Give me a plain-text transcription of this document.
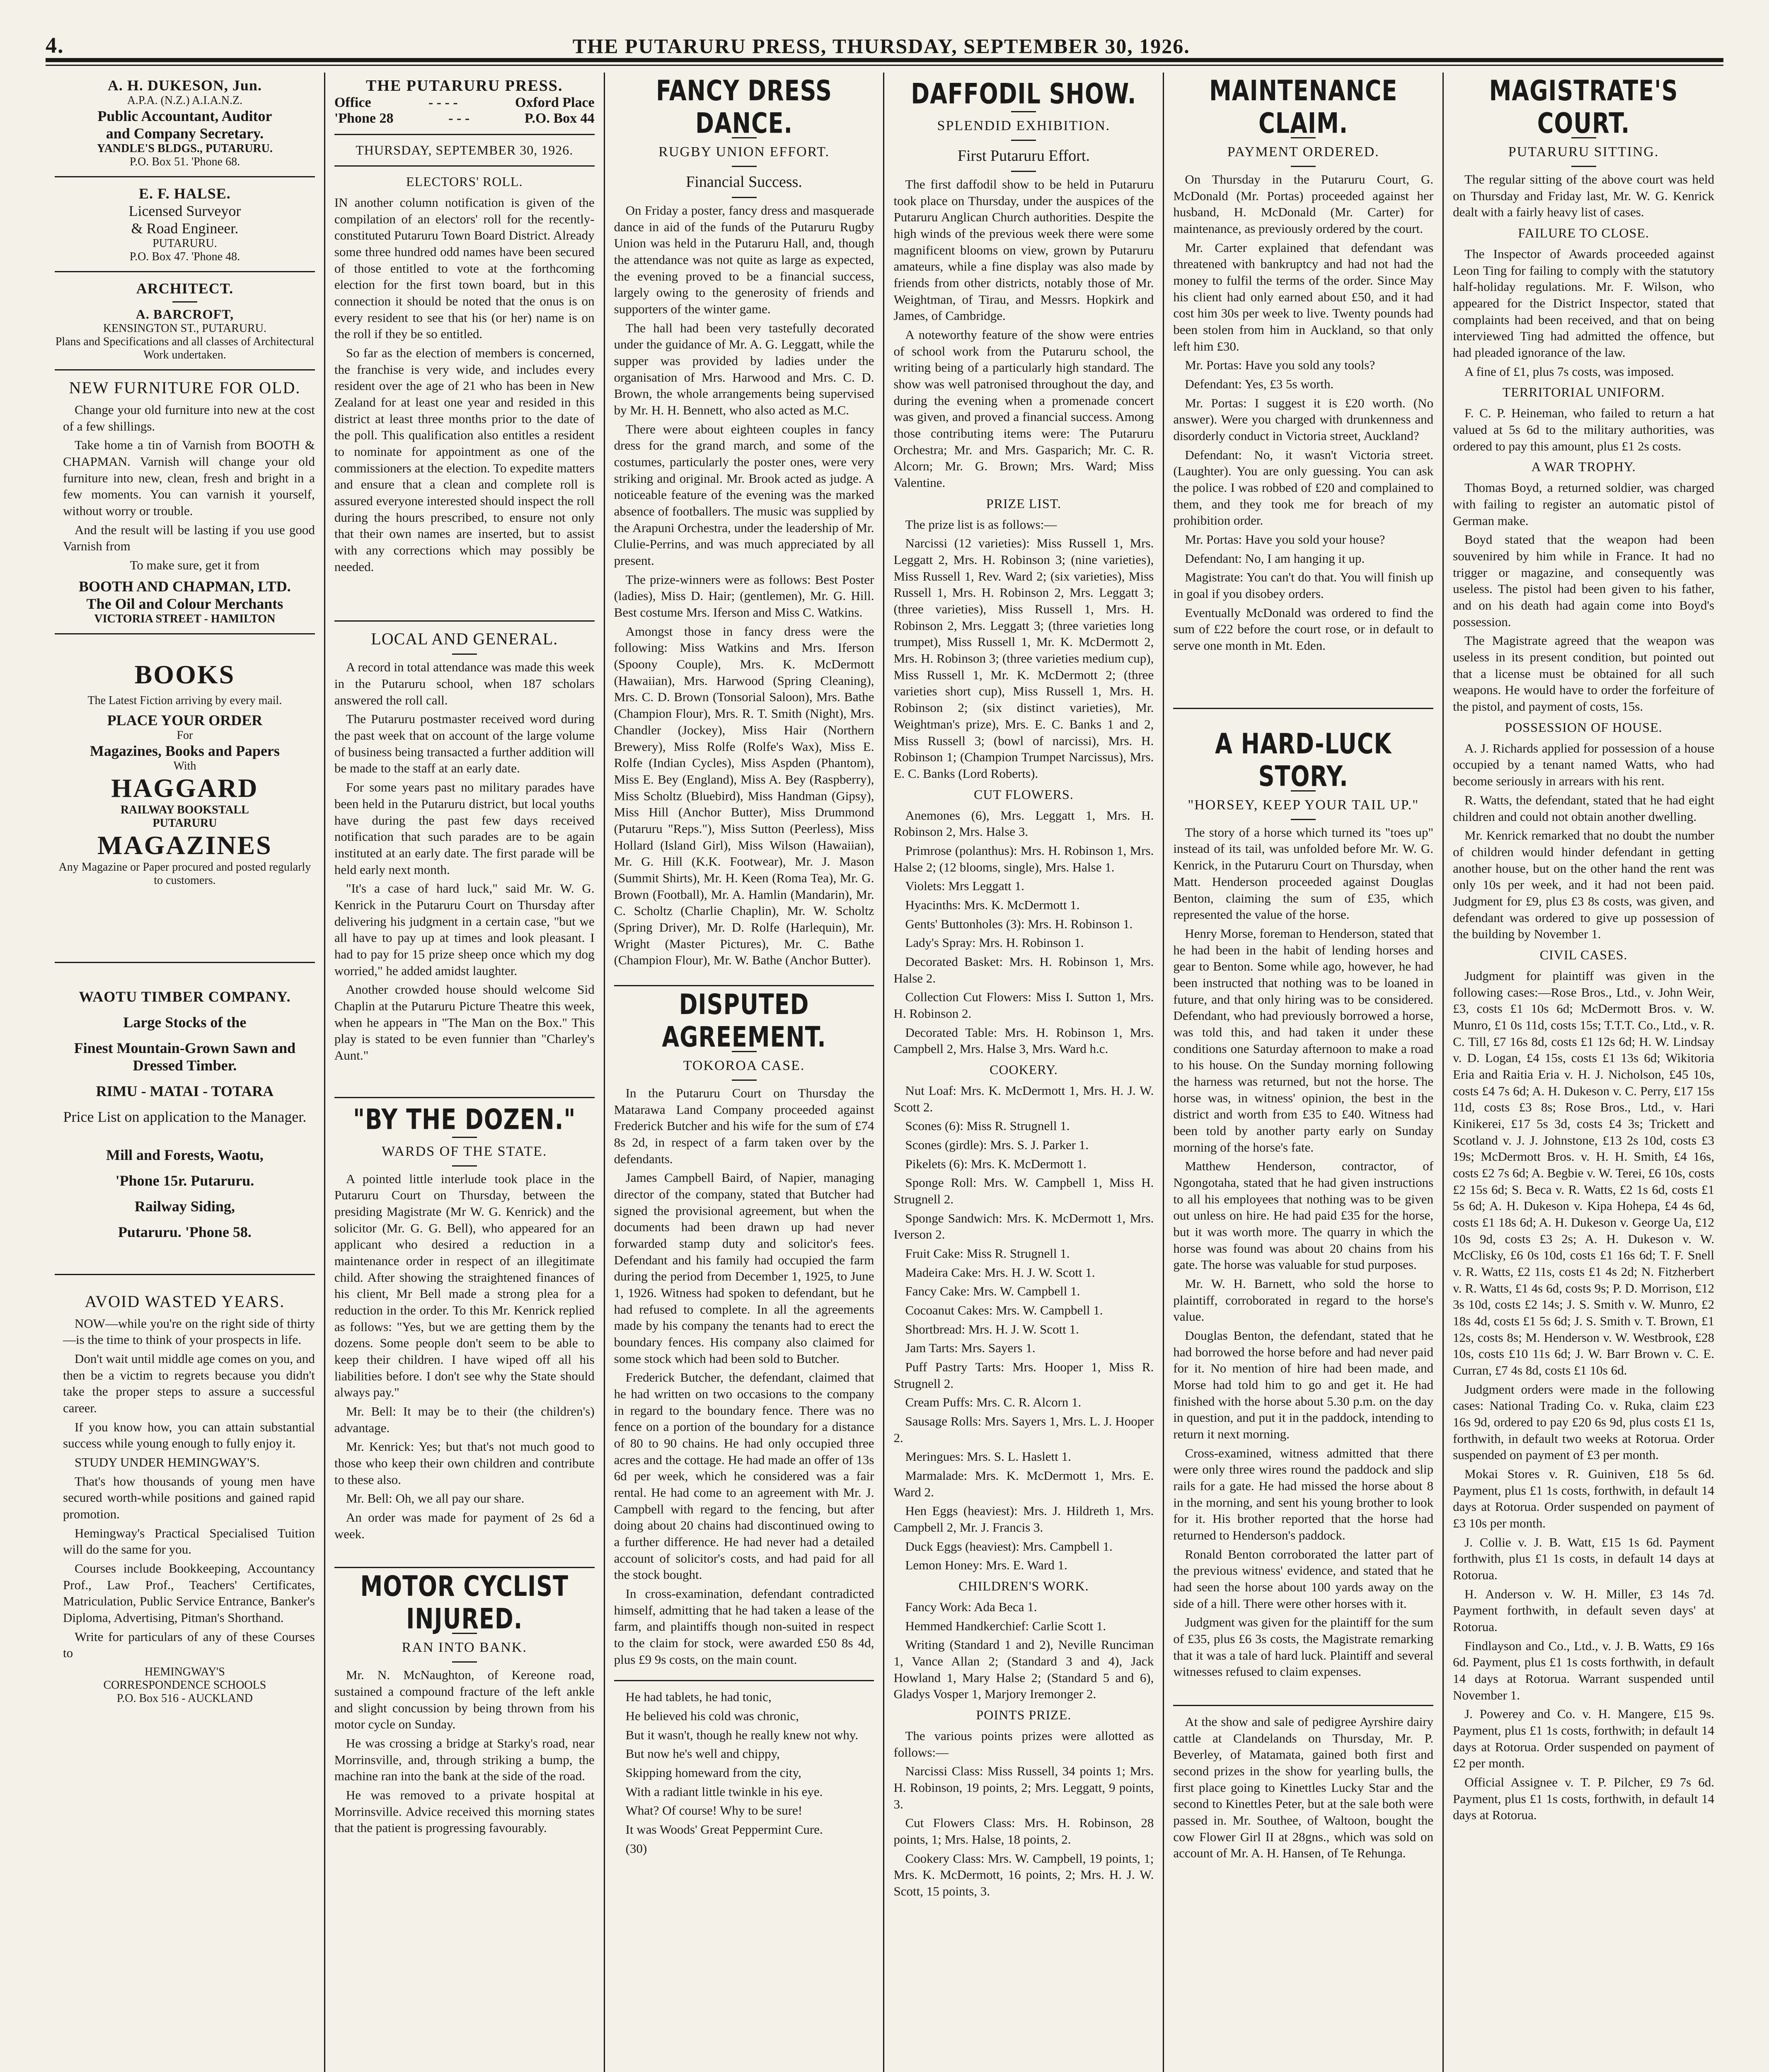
4.	THE PUTARURU PRESS, THURSDAY, SEPTEMBER 30, 1926.
A. H. DUKESON, Jun.
A.P.A. (N.Z.) A.I.A.N.Z.
Public Accountant, Auditor
and Company Secretary.
YANDLE'S BLDGS., PUTARURU.
P.O. Box 51. 'Phone 68.
E. F. HALSE.
Licensed Surveyor
& Road Engineer.
PUTARURU.
P.O. Box 47. 'Phone 48.
ARCHITECT.
A. BARCROFT,
KENSINGTON ST., PUTARURU.
Plans and Specifications and all classes of Architectural Work undertaken.
NEW FURNITURE FOR OLD.

Change your old furniture into new at the cost of a few shillings.

Take home a tin of Varnish from BOOTH & CHAPMAN. Varnish will change your old furniture into new, clean, fresh and bright in a few moments. You can varnish it yourself, without worry or trouble.

And the result will be lasting if you use good Varnish from

To make sure, get it from

BOOTH AND CHAPMAN, LTD.
The Oil and Colour Merchants
VICTORIA STREET - HAMILTON
BOOKS
The Latest Fiction arriving by every mail.
PLACE YOUR ORDER
For
Magazines, Books and Papers
With
HAGGARD
RAILWAY BOOKSTALL
PUTARURU
MAGAZINES
Any Magazine or Paper procured and posted regularly to customers.
WAOTU TIMBER COMPANY.
Large Stocks of the
Finest Mountain-Grown Sawn and Dressed Timber.
RIMU - MATAI - TOTARA
Price List on application to the Manager.
Mill and Forests, Waotu,
'Phone 15r. Putaruru.
Railway Siding,
Putaruru. 'Phone 58.
AVOID WASTED YEARS.

NOW—while you're on the right side of thirty—is the time to think of your prospects in life.

Don't wait until middle age comes on you, and then be a victim to regrets because you didn't take the proper steps to assure a successful career.

If you know how, you can attain substantial success while young enough to fully enjoy it.

STUDY UNDER HEMINGWAY'S.

That's how thousands of young men have secured worth-while positions and gained rapid promotion.

Hemingway's Practical Specialised Tuition will do the same for you.

Courses include Bookkeeping, Accountancy Prof., Law Prof., Teachers' Certificates, Matriculation, Public Service Entrance, Banker's Diploma, Advertising, Pitman's Shorthand.

Write for particulars of any of these Courses to

HEMINGWAY'S
CORRESPONDENCE SCHOOLS
P.O. Box 516 - AUCKLAND
THE PUTARURU PRESS.
Office	- - - -	Oxford Place
'Phone 28	- - -	P.O. Box 44
THURSDAY, SEPTEMBER 30, 1926.
ELECTORS' ROLL.

IN another column notification is given of the compilation of an electors' roll for the recently-constituted Putaruru Town Board District. Already some three hundred odd names have been secured of those entitled to vote at the forthcoming election for the first town board, but in this connection it should be noted that the onus is on every resident to see that his (or her) name is on the roll if they be so entitled.

So far as the election of members is concerned, the franchise is very wide, and includes every resident over the age of 21 who has been in New Zealand for at least one year and resided in this district at least three months prior to the date of the poll. This qualification also entitles a resident to nominate for appointment as one of the commissioners at the election. To expedite matters and ensure that a clean and complete roll is assured everyone interested should inspect the roll during the hours prescribed, to ensure not only that their own names are inserted, but to assist with any corrections which may possibly be needed.

LOCAL AND GENERAL.

A record in total attendance was made this week in the Putaruru school, when 187 scholars answered the roll call.

The Putaruru postmaster received word during the past week that on account of the large volume of business being transacted a further addition will be made to the staff at an early date.

For some years past no military parades have been held in the Putaruru district, but local youths have during the past few days received notification that such parades are to be again instituted at an early date. The first parade will be held early next month.

"It's a case of hard luck," said Mr. W. G. Kenrick in the Putaruru Court on Thursday after delivering his judgment in a certain case, "but we all have to pay up at times and look pleasant. I had to pay for 15 prize sheep once which my dog worried," he added amidst laughter.

Another crowded house should welcome Sid Chaplin at the Putaruru Picture Theatre this week, when he appears in "The Man on the Box." This play is stated to be even funnier than "Charley's Aunt."

"BY THE DOZEN."
WARDS OF THE STATE.

A pointed little interlude took place in the Putaruru Court on Thursday, between the presiding Magistrate (Mr W. G. Kenrick) and the solicitor (Mr. G. G. Bell), who appeared for an applicant who desired a reduction in a maintenance order in respect of an illegitimate child. After showing the straightened finances of his client, Mr Bell made a strong plea for a reduction in the order. To this Mr. Kenrick replied as follows: "Yes, but we are getting them by the dozens. Some people don't seem to be able to keep their children. I have wiped off all his liabilities before. I don't see why the State should always pay."

Mr. Bell: It may be to their (the children's) advantage.

Mr. Kenrick: Yes; but that's not much good to those who keep their own children and contribute to these also.

Mr. Bell: Oh, we all pay our share.

An order was made for payment of 2s 6d a week.

MOTOR CYCLIST INJURED.
RAN INTO BANK.

Mr. N. McNaughton, of Kereone road, sustained a compound fracture of the left ankle and slight concussion by being thrown from his motor cycle on Sunday.

He was crossing a bridge at Starky's road, near Morrinsville, and, through striking a bump, the machine ran into the bank at the side of the road.

He was removed to a private hospital at Morrinsville. Advice received this morning states that the patient is progressing favourably.

FANCY DRESS DANCE.
RUGBY UNION EFFORT.
Financial Success.

On Friday a poster, fancy dress and masquerade dance in aid of the funds of the Putaruru Rugby Union was held in the Putaruru Hall, and, though the attendance was not quite as large as expected, the evening proved to be a financial success, largely owing to the generosity of friends and supporters of the winter game.

The hall had been very tastefully decorated under the guidance of Mr. A. G. Leggatt, while the supper was provided by ladies under the organisation of Mrs. Harwood and Mrs. C. D. Brown, the whole arrangements being supervised by Mr. H. H. Bennett, who also acted as M.C.

There were about eighteen couples in fancy dress for the grand march, and some of the costumes, particularly the poster ones, were very striking and original. Mr. Brook acted as judge. A noticeable feature of the evening was the marked absence of footballers. The music was supplied by the Arapuni Orchestra, under the leadership of Mr. Clulie-Perrins, and was much appreciated by all present.

The prize-winners were as follows: Best Poster (ladies), Miss D. Hair; (gentlemen), Mr. G. Hill. Best costume Mrs. Iferson and Miss C. Watkins.

Amongst those in fancy dress were the following: Miss Watkins and Mrs. Iferson (Spoony Couple), Mrs. K. McDermott (Hawaiian), Mrs. Harwood (Spring Cleaning), Mrs. C. D. Brown (Tonsorial Saloon), Mrs. Bathe (Champion Flour), Mrs. R. T. Smith (Night), Mrs. Chandler (Jockey), Miss Hair (Northern Brewery), Miss Rolfe (Rolfe's Wax), Miss E. Rolfe (Indian Cycles), Miss Aspden (Phantom), Miss E. Bey (England), Miss A. Bey (Raspberry), Miss Scholtz (Bluebird), Miss Handman (Gipsy), Miss Hill (Anchor Butter), Miss Drummond (Putaruru "Reps."), Miss Sutton (Peerless), Miss Hollard (Island Girl), Miss Wilson (Hawaiian), Mr. G. Hill (K.K. Footwear), Mr. J. Mason (Summit Shirts), Mr. H. Keen (Roma Tea), Mr. G. Brown (Football), Mr. A. Hamlin (Mandarin), Mr. C. Scholtz (Charlie Chaplin), Mr. W. Scholtz (Spring Driver), Mr. D. Rolfe (Harlequin), Mr. Wright (Master Pictures), Mr. C. Bathe (Champion Flour), Mr. W. Bathe (Anchor Butter).

DISPUTED AGREEMENT.
TOKOROA CASE.

In the Putaruru Court on Thursday the Matarawa Land Company proceeded against Frederick Butcher and his wife for the sum of £74 8s 2d, in respect of a farm taken over by the defendants.

James Campbell Baird, of Napier, managing director of the company, stated that Butcher had signed the provisional agreement, but when the documents had been drawn up had never forwarded stamp duty and solicitor's fees. Defendant and his family had occupied the farm during the period from December 1, 1925, to June 1, 1926. Witness had spoken to defendant, but he had refused to complete. In all the agreements made by his company the tenants had to erect the boundary fences. His company also claimed for some stock which had been sold to Butcher.

Frederick Butcher, the defendant, claimed that he had written on two occasions to the company in regard to the boundary fence. There was no fence on a portion of the boundary for a distance of 80 to 90 chains. He had only occupied three acres and the cottage. He had made an offer of 13s 6d per week, which he considered was a fair rental. He had come to an agreement with Mr. J. Campbell with regard to the fencing, but after doing about 20 chains had discontinued owing to a further difference. He had never had a detailed account of solicitor's costs, and had paid for all the stock bought.

In cross-examination, defendant contradicted himself, admitting that he had taken a lease of the farm, and plaintiffs though non-suited in respect to the claim for stock, were awarded £50 8s 4d, plus £9 9s costs, on the main count.

He had tablets, he had tonic,

He believed his cold was chronic,

But it wasn't, though he really knew not why.

But now he's well and chippy,

Skipping homeward from the city,

With a radiant little twinkle in his eye.

What? Of course! Why to be sure!

It was Woods' Great Peppermint Cure.

(30)

DAFFODIL SHOW.
SPLENDID EXHIBITION.
First Putaruru Effort.

The first daffodil show to be held in Putaruru took place on Thursday, under the auspices of the Putaruru Anglican Church authorities. Despite the high winds of the previous week there were some magnificent blooms on view, grown by Putaruru amateurs, while a fine display was also made by friends from other districts, notably those of Mr. Weightman, of Tirau, and Messrs. Hopkirk and James, of Cambridge.

A noteworthy feature of the show were entries of school work from the Putaruru school, the writing being of a particularly high standard. The show was well patronised throughout the day, and during the evening when a promenade concert was given, and proved a financial success. Among those contributing items were: The Putaruru Orchestra; Mr. and Mrs. Gasparich; Mr. C. R. Alcorn; Mr. G. Brown; Mrs. Ward; Miss Valentine.

PRIZE LIST.

The prize list is as follows:—

Narcissi (12 varieties): Miss Russell 1, Mrs. Leggatt 2, Mrs. H. Robinson 3; (nine varieties), Miss Russell 1, Rev. Ward 2; (six varieties), Miss Russell 1, Mrs. H. Robinson 2, Mrs. Leggatt 3; (three varieties), Miss Russell 1, Mrs. H. Robinson 2, Mrs. Leggatt 3; (three varieties long trumpet), Miss Russell 1, Mr. K. McDermott 2, Mrs. H. Robinson 3; (three varieties medium cup), Miss Russell 1, Mr. K. McDermott 2; (three varieties short cup), Miss Russell 1, Mrs. H. Robinson 2; (six distinct varieties), Mr. Weightman's prize), Mrs. E. C. Banks 1 and 2, Miss Russell 3; (bowl of narcissi), Mrs. H. Robinson 1; (Champion Trumpet Narcissus), Mrs. E. C. Banks (Lord Roberts).

CUT FLOWERS.

Anemones (6), Mrs. Leggatt 1, Mrs. H. Robinson 2, Mrs. Halse 3.

Primrose (polanthus): Mrs. H. Robinson 1, Mrs. Halse 2; (12 blooms, single), Mrs. Halse 1.

Violets: Mrs Leggatt 1.

Hyacinths: Mrs. K. McDermott 1.

Gents' Buttonholes (3): Mrs. H. Robinson 1.

Lady's Spray: Mrs. H. Robinson 1.

Decorated Basket: Mrs. H. Robinson 1, Mrs. Halse 2.

Collection Cut Flowers: Miss I. Sutton 1, Mrs. H. Robinson 2.

Decorated Table: Mrs. H. Robinson 1, Mrs. Campbell 2, Mrs. Halse 3, Mrs. Ward h.c.

COOKERY.

Nut Loaf: Mrs. K. McDermott 1, Mrs. H. J. W. Scott 2.

Scones (6): Miss R. Strugnell 1.

Scones (girdle): Mrs. S. J. Parker 1.

Pikelets (6): Mrs. K. McDermott 1.

Sponge Roll: Mrs. W. Campbell 1, Miss H. Strugnell 2.

Sponge Sandwich: Mrs. K. McDermott 1, Mrs. Iverson 2.

Fruit Cake: Miss R. Strugnell 1.

Madeira Cake: Mrs. H. J. W. Scott 1.

Fancy Cake: Mrs. W. Campbell 1.

Cocoanut Cakes: Mrs. W. Campbell 1.

Shortbread: Mrs. H. J. W. Scott 1.

Jam Tarts: Mrs. Sayers 1.

Puff Pastry Tarts: Mrs. Hooper 1, Miss R. Strugnell 2.

Cream Puffs: Mrs. C. R. Alcorn 1.

Sausage Rolls: Mrs. Sayers 1, Mrs. L. J. Hooper 2.

Meringues: Mrs. S. L. Haslett 1.

Marmalade: Mrs. K. McDermott 1, Mrs. E. Ward 2.

Hen Eggs (heaviest): Mrs. J. Hildreth 1, Mrs. Campbell 2, Mr. J. Francis 3.

Duck Eggs (heaviest): Mrs. Campbell 1.

Lemon Honey: Mrs. E. Ward 1.

CHILDREN'S WORK.

Fancy Work: Ada Beca 1.

Hemmed Handkerchief: Carlie Scott 1.

Writing (Standard 1 and 2), Neville Runciman 1, Vance Allan 2; (Standard 3 and 4), Jack Howland 1, Mary Halse 2; (Standard 5 and 6), Gladys Vosper 1, Marjory Iremonger 2.

POINTS PRIZE.

The various points prizes were allotted as follows:—

Narcissi Class: Miss Russell, 34 points 1; Mrs. H. Robinson, 19 points, 2; Mrs. Leggatt, 9 points, 3.

Cut Flowers Class: Mrs. H. Robinson, 28 points, 1; Mrs. Halse, 18 points, 2.

Cookery Class: Mrs. W. Campbell, 19 points, 1; Mrs. K. McDermott, 16 points, 2; Mrs. H. J. W. Scott, 15 points, 3.

MAINTENANCE CLAIM.
PAYMENT ORDERED.

On Thursday in the Putaruru Court, G. McDonald (Mr. Portas) proceeded against her husband, H. McDonald (Mr. Carter) for maintenance, as previously ordered by the court.

Mr. Carter explained that defendant was threatened with bankruptcy and had not had the money to fulfil the terms of the order. Since May his client had only earned about £50, and it had cost him 30s per week to live. Twenty pounds had been stolen from him in Auckland, so that only left him £30.

Mr. Portas: Have you sold any tools?

Defendant: Yes, £3 5s worth.

Mr. Portas: I suggest it is £20 worth. (No answer). Were you charged with drunkenness and disorderly conduct in Victoria street, Auckland?

Defendant: No, it wasn't Victoria street. (Laughter). You are only guessing. You can ask the police. I was robbed of £20 and complained to them, and they took me for breach of my prohibition order.

Mr. Portas: Have you sold your house?

Defendant: No, I am hanging it up.

Magistrate: You can't do that. You will finish up in goal if you disobey orders.

Eventually McDonald was ordered to find the sum of £22 before the court rose, or in default to serve one month in Mt. Eden.

A HARD-LUCK STORY.
"HORSEY, KEEP YOUR TAIL UP."

The story of a horse which turned its "toes up" instead of its tail, was unfolded before Mr. W. G. Kenrick, in the Putaruru Court on Thursday, when Matt. Henderson proceeded against Douglas Benton, claiming the sum of £35, which represented the value of the horse.

Henry Morse, foreman to Henderson, stated that he had been in the habit of lending horses and gear to Benton. Some while ago, however, he had been instructed that nothing was to be loaned in future, and that only hiring was to be considered. Defendant, who had previously borrowed a horse, was told this, and had taken it under these conditions one Saturday afternoon to make a road to his house. On the Sunday morning following the harness was returned, but not the horse. The horse was, in witness' opinion, the best in the district and worth from £35 to £40. Witness had been told by another party early on Sunday morning of the horse's fate.

Matthew Henderson, contractor, of Ngongotaha, stated that he had given instructions to all his employees that nothing was to be given out unless on hire. He had paid £35 for the horse, but it was worth more. The quarry in which the horse was found was about 20 chains from his gate. The horse was valuable for stud purposes.

Mr. W. H. Barnett, who sold the horse to plaintiff, corroborated in regard to the horse's value.

Douglas Benton, the defendant, stated that he had borrowed the horse before and had never paid for it. No mention of hire had been made, and Morse had told him to go and get it. He had finished with the horse about 5.30 p.m. on the day in question, and put it in the paddock, intending to return it next morning.

Cross-examined, witness admitted that there were only three wires round the paddock and slip rails for a gate. He had missed the horse about 8 in the morning, and sent his young brother to look for it. His brother reported that the horse had returned to Henderson's paddock.

Ronald Benton corroborated the latter part of the previous witness' evidence, and stated that he had seen the horse about 100 yards away on the side of a hill. There were other horses with it.

Judgment was given for the plaintiff for the sum of £35, plus £6 3s costs, the Magistrate remarking that it was a tale of hard luck. Plaintiff and several witnesses refused to claim expenses.

At the show and sale of pedigree Ayrshire dairy cattle at Clandelands on Thursday, Mr. P. Beverley, of Matamata, gained both first and second prizes in the show for yearling bulls, the first place going to Kinettles Lucky Star and the second to Kinettles Peter, but at the sale both were passed in. Mr. Southee, of Waltoon, bought the cow Flower Girl II at 28gns., which was sold on account of Mr. A. H. Hansen, of Te Rehunga.

MAGISTRATE'S COURT.
PUTARURU SITTING.

The regular sitting of the above court was held on Thursday and Friday last, Mr. W. G. Kenrick dealt with a fairly heavy list of cases.

FAILURE TO CLOSE.

The Inspector of Awards proceeded against Leon Ting for failing to comply with the statutory half-holiday regulations. Mr. F. Wilson, who appeared for the District Inspector, stated that complaints had been received, and that on being interviewed Ting had admitted the offence, but had pleaded ignorance of the law.

A fine of £1, plus 7s costs, was imposed.

TERRITORIAL UNIFORM.

F. C. P. Heineman, who failed to return a hat valued at 5s 6d to the military authorities, was ordered to pay this amount, plus £1 2s costs.

A WAR TROPHY.

Thomas Boyd, a returned soldier, was charged with failing to register an automatic pistol of German make.

Boyd stated that the weapon had been souvenired by him while in France. It had no trigger or magazine, and consequently was useless. The pistol had been given to his father, and on his death had again come into Boyd's possession.

The Magistrate agreed that the weapon was useless in its present condition, but pointed out that a license must be obtained for all such weapons. He would have to order the forfeiture of the pistol, and payment of costs, 15s.

POSSESSION OF HOUSE.

A. J. Richards applied for possession of a house occupied by a tenant named Watts, who had become seriously in arrears with his rent.

R. Watts, the defendant, stated that he had eight children and could not obtain another dwelling.

Mr. Kenrick remarked that no doubt the number of children would hinder defendant in getting another house, but on the other hand the rent was only 10s per week, and it had not been paid. Judgment for £9, plus £3 8s costs, was given, and defendant was ordered to give up possession of the building by November 1.

CIVIL CASES.

Judgment for plaintiff was given in the following cases:—Rose Bros., Ltd., v. John Weir, £3, costs £1 10s 6d; McDermott Bros. v. W. Munro, £1 0s 11d, costs 15s; T.T.T. Co., Ltd., v. R. C. Till, £7 16s 8d, costs £1 12s 6d; H. W. Lindsay v. D. Logan, £4 15s, costs £1 13s 6d; Wikitoria Eria and Raitia Eria v. H. J. Nicholson, £45 10s, costs £4 7s 6d; A. H. Dukeson v. C. Perry, £17 15s 11d, costs £3 8s; Rose Bros., Ltd., v. Hari Kinikerei, £17 5s 3d, costs £4 3s; Trickett and Scotland v. J. J. Johnstone, £13 2s 10d, costs £3 19s; McDermott Bros. v. H. H. Smith, £4 16s, costs £2 7s 6d; A. Begbie v. W. Terei, £6 10s, costs £2 15s 6d; S. Beca v. R. Watts, £2 1s 6d, costs £1 5s 6d; A. H. Dukeson v. Kipa Hohepa, £4 4s 6d, costs £1 18s 6d; A. H. Dukeson v. George Ua, £12 10s 9d, costs £3 2s; A. H. Dukeson v. W. McClisky, £6 0s 10d, costs £1 16s 6d; T. F. Snell v. R. Watts, £2 11s, costs £1 4s 2d; N. Fitzherbert v. R. Watts, £1 4s 6d, costs 9s; P. D. Morrison, £12 3s 10d, costs £2 14s; J. S. Smith v. W. Munro, £2 18s 4d, costs £1 5s 6d; J. S. Smith v. T. Brown, £1 12s, costs 8s; M. Henderson v. W. Westbrook, £28 10s, costs £10 11s 6d; J. W. Barr Brown v. C. E. Curran, £7 4s 8d, costs £1 10s 6d.

Judgment orders were made in the following cases: National Trading Co. v. Ruka, claim £23 16s 9d, ordered to pay £20 6s 9d, plus costs £1 1s, forthwith, in default two weeks at Rotorua. Order suspended on payment of £3 per month.

Mokai Stores v. R. Guiniven, £18 5s 6d. Payment, plus £1 1s costs, forthwith, in default 14 days at Rotorua. Order suspended on payment of £3 10s per month.

J. Collie v. J. B. Watt, £15 1s 6d. Payment forthwith, plus £1 1s costs, in default 14 days at Rotorua.

H. Anderson v. W. H. Miller, £3 14s 7d. Payment forthwith, in default seven days' at Rotorua.

Findlayson and Co., Ltd., v. J. B. Watts, £9 16s 6d. Payment, plus £1 1s costs forthwith, in default 14 days at Rotorua. Warrant suspended until November 1.

J. Powerey and Co. v. H. Mangere, £15 9s. Payment, plus £1 1s costs, forthwith; in default 14 days at Rotorua. Order suspended on payment of £2 per month.

Official Assignee v. T. P. Pilcher, £9 7s 6d. Payment, plus £1 1s costs, forthwith, in default 14 days at Rotorua.
